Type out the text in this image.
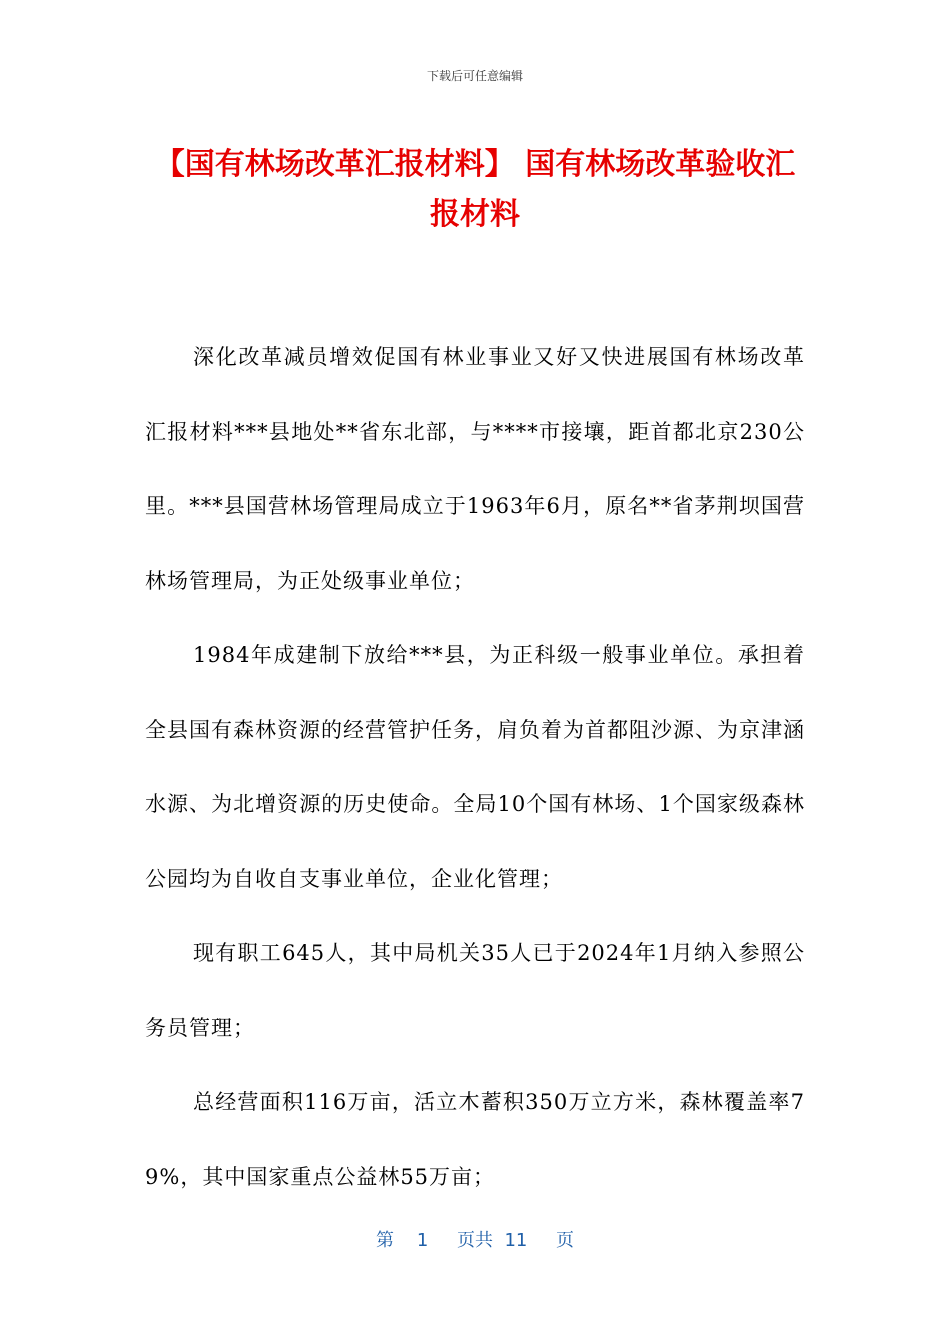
下载后可任意编辑
【国有林场改革汇报材料】 国有林场改革验收汇报材料

深化改革减员增效促国有林业事业又好又快进展国有林场改革汇报材料***县地处**省东北部，与****市接壤，距首都北京230公里。***县国营林场管理局成立于1963年6月，原名**省茅荆坝国营林场管理局，为正处级事业单位；

1984年成建制下放给***县，为正科级一般事业单位。承担着全县国有森林资源的经营管护任务，肩负着为首都阻沙源、为京津涵水源、为北增资源的历史使命。全局10个国有林场、1个国家级森林公园均为自收自支事业单位，企业化管理；

现有职工645人，其中局机关35人已于2024年1月纳入参照公务员管理；

总经营面积116万亩，活立木蓄积350万立方米，森林覆盖率79%，其中国家重点公益林55万亩；

第 1 页共 11 页
